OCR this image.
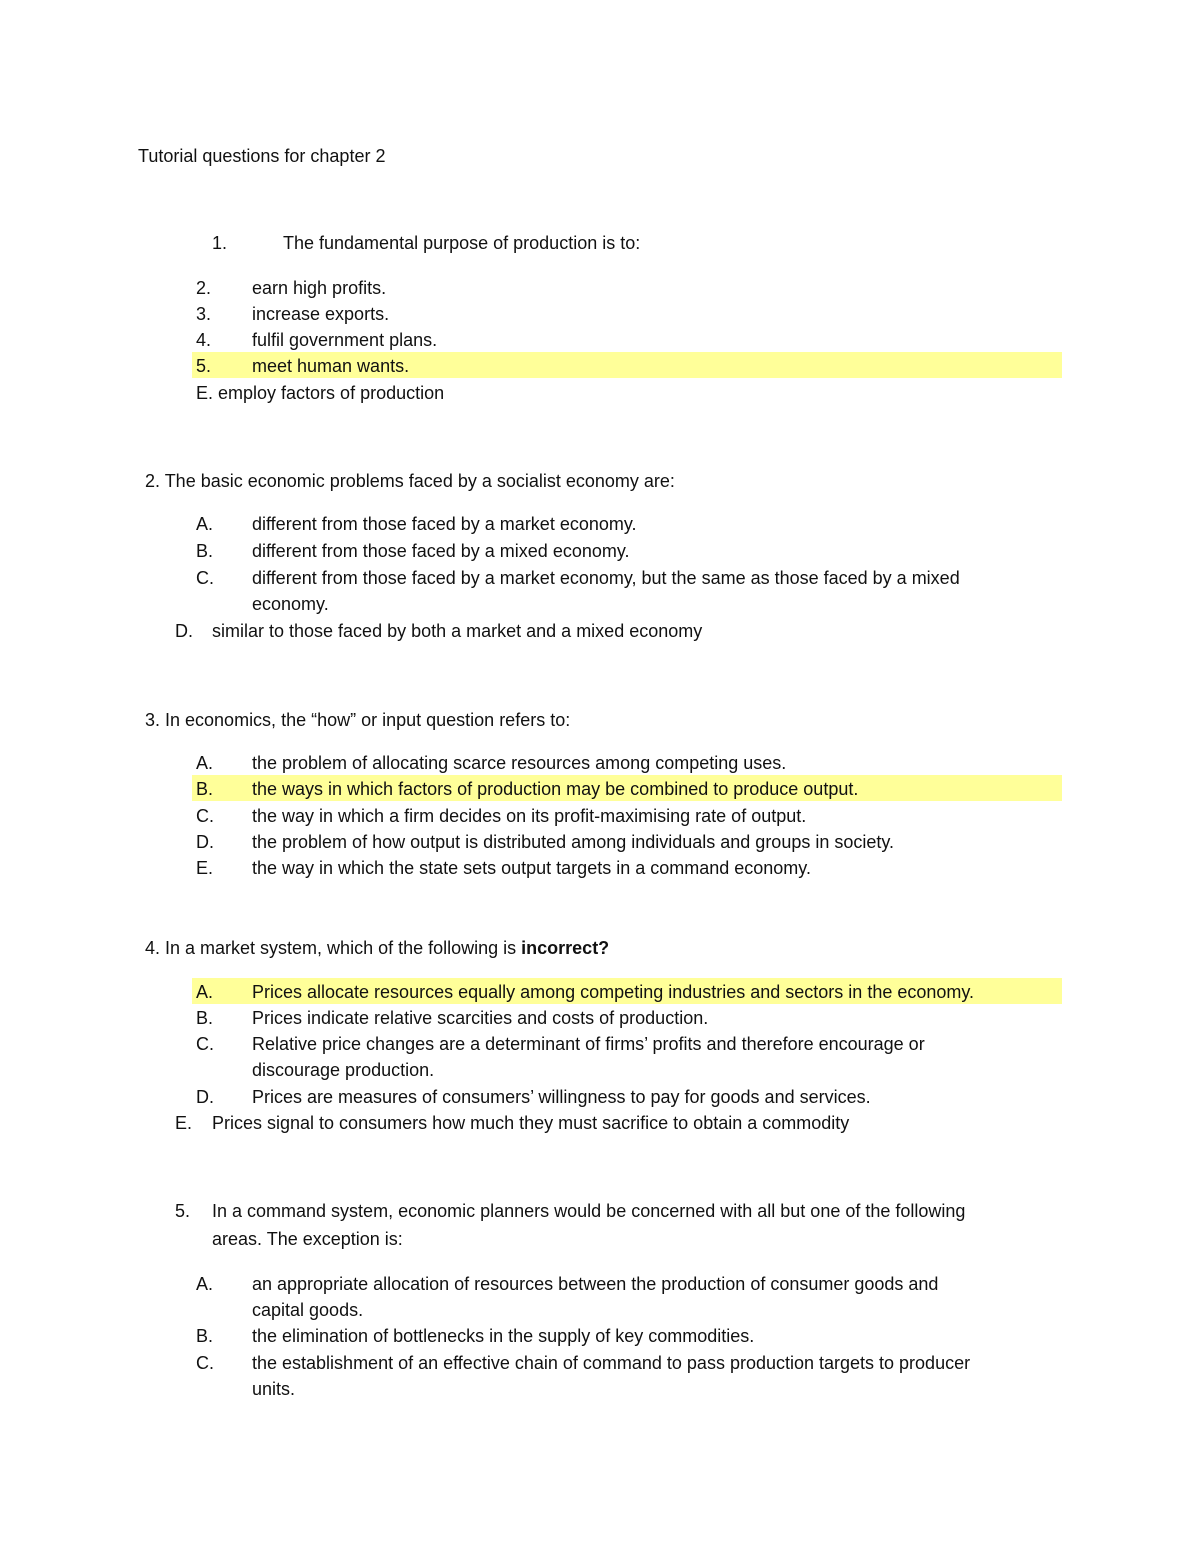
Tutorial questions for chapter 2
1.	The fundamental purpose of production is to:
2. earn high profits.
3. increase exports.
4. fulfil government plans.
5. meet human wants.
E. employ factors of production
2. The basic economic problems faced by a socialist economy are:
A. different from those faced by a market economy.
B. different from those faced by a mixed economy.
C. different from those faced by a market economy, but the same as those faced by a mixed
economy.
D. similar to those faced by both a market and a mixed economy
3. In economics, the “how” or input question refers to:
A. the problem of allocating scarce resources among competing uses.
B. the ways in which factors of production may be combined to produce output.
C. the way in which a firm decides on its profit-maximising rate of output.
D. the problem of how output is distributed among individuals and groups in society.
E. the way in which the state sets output targets in a command economy.
4. In a market system, which of the following is incorrect?
A. Prices allocate resources equally among competing industries and sectors in the economy.
B. Prices indicate relative scarcities and costs of production.
C. Relative price changes are a determinant of firms’ profits and therefore encourage or
discourage production.
D. Prices are measures of consumers’ willingness to pay for goods and services.
E. Prices signal to consumers how much they must sacrifice to obtain a commodity
5. In a command system, economic planners would be concerned with all but one of the following
areas. The exception is:
A. an appropriate allocation of resources between the production of consumer goods and
capital goods.
B. the elimination of bottlenecks in the supply of key commodities.
C. the establishment of an effective chain of command to pass production targets to producer
units.
